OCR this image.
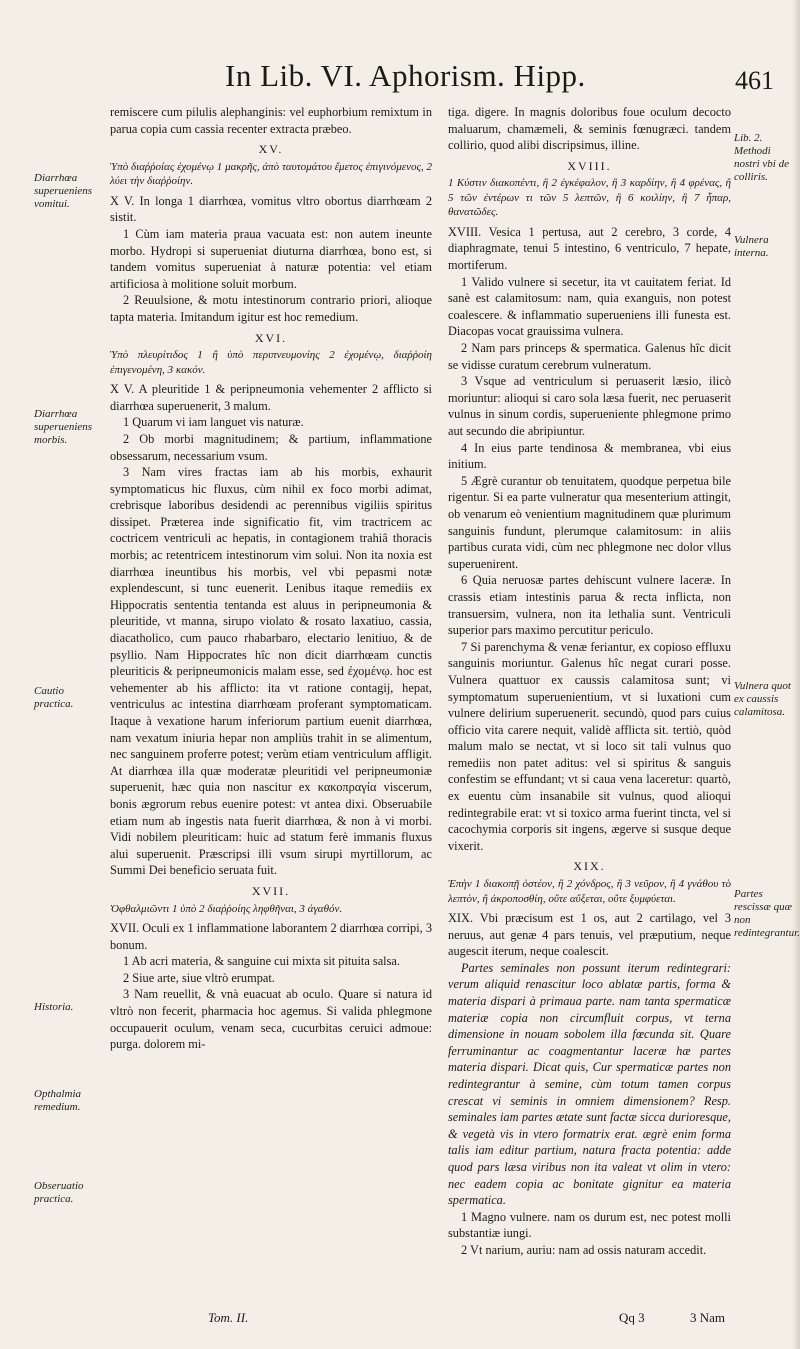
In Lib. VI. Aphorism. Hipp.	461
remiscere cum pilulis alephanginis: vel euphorbium remixtum in parua copia cum cassia recenter extracta præbeo.
XV.
Ὑπὸ διαῤῥοίας ἐχομένῳ 1 μακρῆς, ἀπὸ ταυτομάτου ἔμετος ἐπιγινόμενος, 2 λύει τὴν διαῤῥοίην.
X V. In longa 1 diarrhœa, vomitus vltro obortus diarrhœam 2 sistit.
1 Cùm iam materia praua vacuata est: non autem ineunte morbo. Hydropi si superueniat diuturna diarrhœa, bono est, si tandem vomitus superueniat à naturæ potentia: vel etiam artificiosa à molitione soluit morbum.
2 Reuulsione, & motu intestinorum contrario priori, alioque tapta materia. Imitandum igitur est hoc remedium.
XVI.
Ὑπὸ πλευρίτιδος 1 ἢ ὑπὸ περιπνευμονίης 2 ἐχομένῳ, διαῤῥοίη ἐπιγενομένη, 3 κακόν.
X V. A pleuritide 1 & peripneumonia vehementer 2 afflicto si diarrhœa superuenerit, 3 malum.
1 Quarum vi iam languet vis naturæ.
2 Ob morbi magnitudinem; & partium, inflammatione obsessarum, necessarium vsum.
3 Nam vires fractas iam ab his morbis, exhaurit symptomaticus hic fluxus, cùm nihil ex foco morbi adimat, crebrisque laboribus desidendi ac perennibus vigiliis spiritus dissipet. Præterea inde significatio fit, vim tractricem ac coctricem ventriculi ac hepatis, in contagionem trahiâ thoracis morbis; ac retentricem intestinorum vim solui. Non ita noxia est diarrhœa ineuntibus his morbis, vel vbi pepasmi notæ explendescunt, si tunc euenerit. Lenibus itaque remediis ex Hippocratis sententia tentanda est aluus in peripneumonia & pleuritide, vt manna, sirupo violato & rosato laxatiuo, cassia, diacatholico, cum pauco rhabarbaro, electario lenitiuo, & de psyllio. Nam Hippocrates hîc non dicit diarrhœam cunctis pleuriticis & peripneumonicis malam esse, sed ἐχομένῳ. hoc est vehementer ab his afflicto: ita vt ratione contagij, hepat, ventriculus ac intestina diarrhœam proferant symptomaticam. Itaque à vexatione harum inferiorum partium euenit diarrhœa, nam vexatum iniuria hepar non ampliùs trahit in se alimentum, nec sanguinem proferre potest; verùm etiam ventriculum affligit. At diarrhœa illa quæ moderatæ pleuritidi vel peripneumoniæ superuenit, hæc quia non nascitur ex κακοπραγία viscerum, bonis ægrorum rebus euenire potest: vt antea dixi. Obseruabile etiam num ab ingestis nata fuerit diarrhœa, & non à vi morbi. Vidi nobilem pleuriticam: huic ad statum ferè immanis fluxus alui superuenit. Præscripsi illi vsum sirupi myrtillorum, ac Summi Dei beneficio seruata fuit.
XVII.
Ὀφθαλμιῶντι 1 ὑπὸ 2 διαῤῥοίης ληφθῆναι, 3 ἀγαθόν.
XVII. Oculi ex 1 inflammatione laborantem 2 diarrhœa corripi, 3 bonum.
1 Ab acri materia, & sanguine cui mixta sit pituita salsa.
2 Siue arte, siue vltrò erumpat.
3 Nam reuellit, & vnà euacuat ab oculo. Quare si natura id vltrò non fecerit, pharmacia hoc agemus. Si valida phlegmone occupauerit oculum, venam seca, cucurbitas ceruici admoue: purga. dolorem mi-
tiga. digere. In magnis doloribus foue oculum decocto maluarum, chamæmeli, & seminis fœnugræci. tandem collirio, quod alibi discripsimus, illine.
XVIII.
1 Κύστιν διακοπέντι, ἢ 2 ἐγκέφαλον, ἢ 3 καρδίην, ἢ 4 φρένας, ἢ 5 τῶν ἐντέρων τι τῶν 5 λεπτῶν, ἢ 6 κοιλίην, ἢ 7 ἧπαρ, θανατῶδες.
XVIII. Vesica 1 pertusa, aut 2 cerebro, 3 corde, 4 diaphragmate, tenui 5 intestino, 6 ventriculo, 7 hepate, mortiferum.
1 Valido vulnere si secetur, ita vt cauitatem feriat. Id sanè est calamitosum: nam, quia exanguis, non potest coalescere. & inflammatio superueniens illi funesta est. Diacopas vocat grauissima vulnera.
2 Nam pars princeps & spermatica. Galenus hîc dicit se vidisse curatum cerebrum vulneratum.
3 Vsque ad ventriculum si peruaserit læsio, ilicò moriuntur: alioqui si caro sola læsa fuerit, nec peruaserit vulnus in sinum cordis, superueniente phlegmone primo aut secundo die abripiuntur.
4 In eius parte tendinosa & membranea, vbi eius initium.
5 Ægrè curantur ob tenuitatem, quodque perpetua bile rigentur. Si ea parte vulneratur qua mesenterium attingit, ob venarum eò venientium magnitudinem quæ plurimum sanguinis fundunt, plerumque calamitosum: in aliis partibus curata vidi, cùm nec phlegmone nec dolor vllus superuenirent.
6 Quia neruosæ partes dehiscunt vulnere laceræ. In crassis etiam intestinis parua & recta inflicta, non transuersim, vulnera, non ita lethalia sunt. Ventriculi superior pars maximo percutitur periculo.
7 Si parenchyma & venæ feriantur, ex copioso effluxu sanguinis moriuntur. Galenus hîc negat curari posse. Vulnera quattuor ex caussis calamitosa sunt; vi symptomatum superuenientium, vt si luxationi cum vulnere delirium superuenerit. secundò, quod pars cuius officio vita carere nequit, validè afflicta sit. tertiò, quòd malum malo se nectat, vt si loco sit tali vulnus quo remediis non patet aditus: vel si spiritus & sanguis confestim se effundant; vt si caua vena laceretur: quartò, ex euentu cùm insanabile sit vulnus, quod alioqui redintegrabile erat: vt si toxico arma fuerint tincta, vel si cacochymia corporis sit ingens, ægerve si susque deque vixerit.
XIX.
Ἐπὴν 1 διακοπῇ ὀστέον, ἢ 2 χόνδρος, ἢ 3 νεῦρον, ἢ 4 γνάθου τὸ λεπτὸν, ἢ ἀκροποσθίη, οὔτε αὔξεται, οὔτε ξυμφύεται.
XIX. Vbi præcisum est 1 os, aut 2 cartilago, vel 3 neruus, aut genæ 4 pars tenuis, vel præputium, neque augescit iterum, neque coalescit.
Partes seminales non possunt iterum redintegrari: verum aliquid renascitur loco ablatæ partis, forma & materia dispari à primaua parte. nam tanta spermaticæ materiæ copia non circumfluit corpus, vt terna dimensione in nouam sobolem illa fœcunda sit. Quare ferruminantur ac coagmentantur laceræ hæ partes materia dispari. Dicat quis, Cur spermaticæ partes non redintegrantur à semine, cùm totum tamen corpus crescat vi seminis in omniem dimensionem? Resp. seminales iam partes ætate sunt factæ sicca durioresque, & vegetà vis in vtero formatrix erat. ægrè enim forma talis iam editur partium, natura fracta potentia: adde quod pars læsa viribus non ita valeat vt olim in vtero: nec eadem copia ac bonitate gignitur ea materia spermatica.
1 Magno vulnere. nam os durum est, nec potest molli substantiæ iungi.
2 Vt narium, auriu: nam ad ossis naturam accedit.
Diarrhœa superueniens vomitui.
Diarrhœa superueniens morbis.
Cautio practica.
Historia.
Opthalmia remedium.
Obseruatio practica.
Lib. 2. Methodi nostri vbi de colliris.
Vulnera interna.
Vulnera quot ex caussis calamitosa.
Partes rescissæ quæ non redintegrantur.
Tom. II.	Qq 3	3 Nam
